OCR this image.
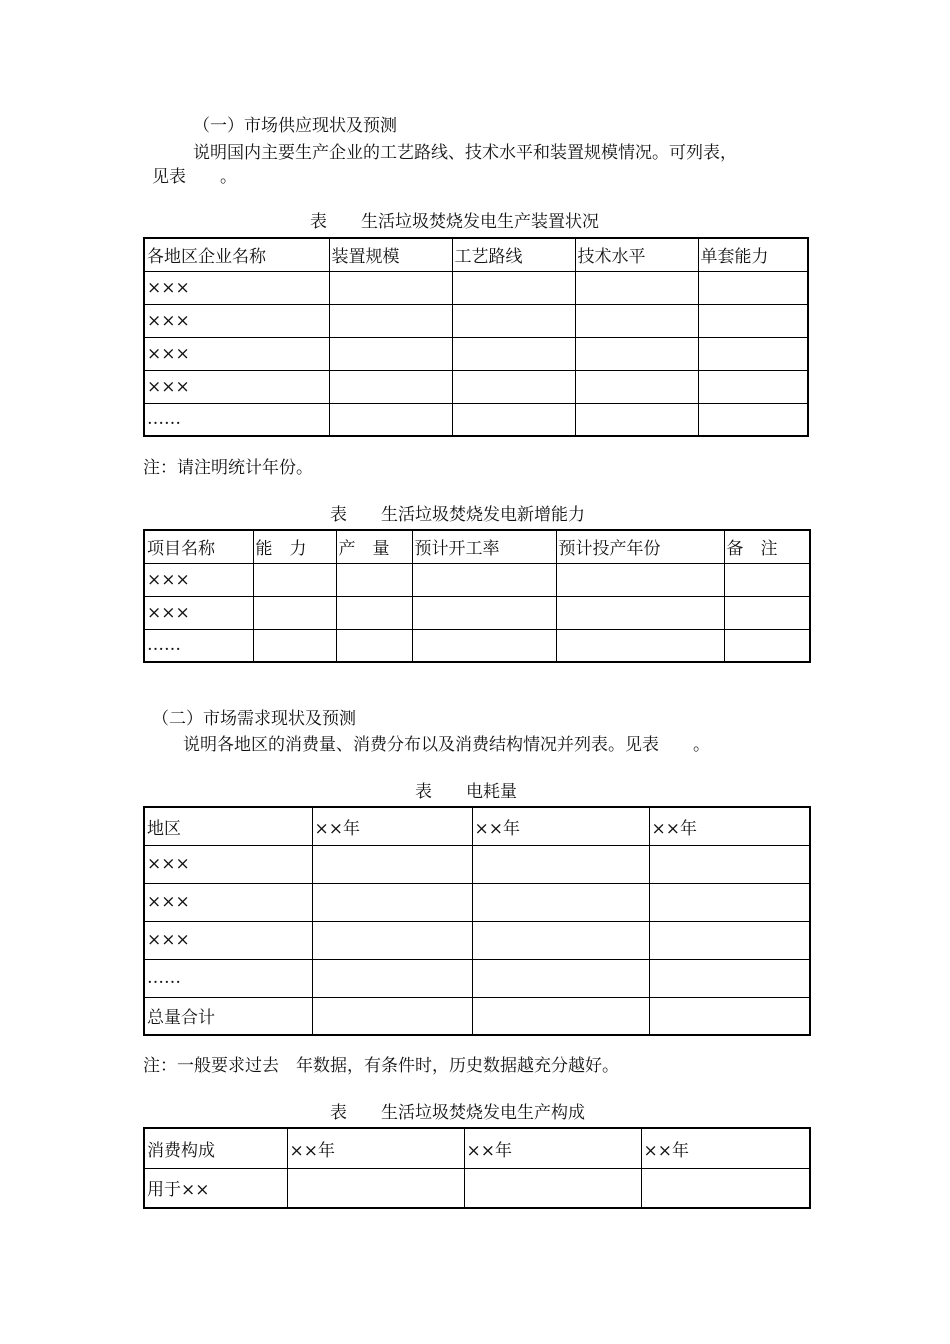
（一）市场供应现状及预测
说明国内主要生产企业的工艺路线、技术水平和装置规模情况。可列表，
见表　　。
表　　生活垃圾焚烧发电生产装置状况
各地区企业名称	装置规模	工艺路线	技术水平	单套能力
×××				
×××				
×××				
×××				
……				
注：请注明统计年份。
表　　生活垃圾焚烧发电新增能力
项目名称	能　力	产　量	预计开工率	预计投产年份	备　注
×××					
×××					
……					
（二）市场需求现状及预测
说明各地区的消费量、消费分布以及消费结构情况并列表。见表　　。
表　　电耗量
地区	××年	××年	××年
×××			
×××			
×××			
……			
总量合计			
注：一般要求过去　年数据，有条件时，历史数据越充分越好。
表　　生活垃圾焚烧发电生产构成
消费构成	××年	××年	××年
用于××			
